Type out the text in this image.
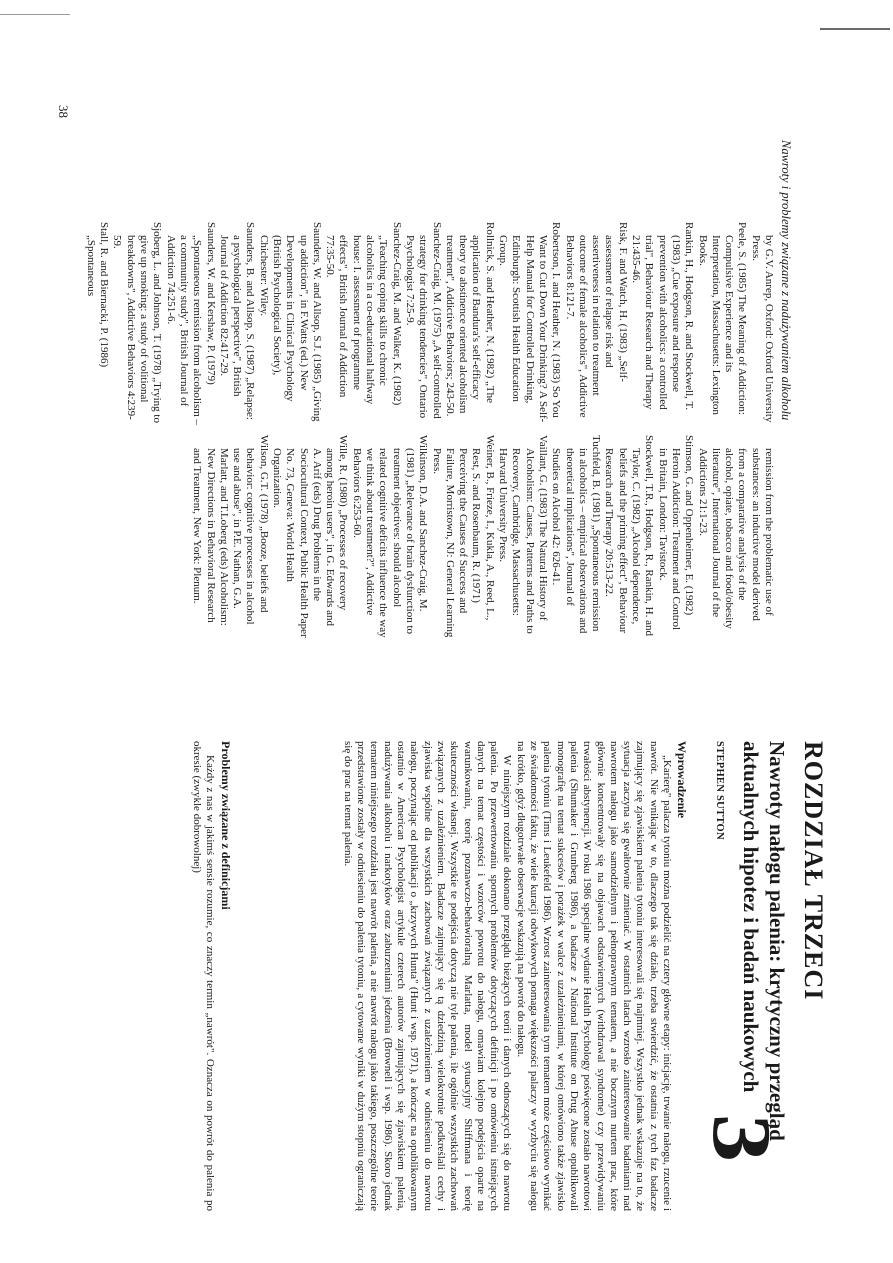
Nawroty i problemy związane z nadużywaniem alkoholu

by G.V. Anrep, Oxford: Oxford University Press.

Peele, S. (1985) The Meaning of Addiction: Compulsive Experience and its Interpretation, Massachusetts: Lexington Books.

Rankin, H., Hodgson, R. and Stockwell, T. (1983) „Cue exposure and response prevention with alcoholics: a controlled trial", Behaviour Research and Therapy 21:435-46.

Risk, F. and Watch, H. (1983) „Self-assessment of relapse risk and assertiveness in relation to treatment outcome of female alcoholics", Addictive Behaviors 8:121-7.

Robertson, I. and Heather, N. (1983) So You Want to Cut Down Your Drinking? A Self-Help Manual for Controlled Drinking, Edinburgh: Scottish Health Education Group.

Rollnick, S. and Heather, N. (1982) „The application of Bandura's self-efficacy theory to abstinence oriented alcoholism treatment", Addictive Behaviors; 243-50.

Sanchez-Craig, M. (1975) „A self-controlled strategy for drinking tendencies", Ontario Psychologist 7:25-9.

Sanchez-Craig, M. and Walker, K. (1982) „Teaching coping skills to chronic alcoholics in a co-educational halfway house: I. assessment of programme effects", British Journal of Addiction 77:35-50.

Saunders, W. and Allsop, S.J. (1985) „Giving up addiction", in F.Watts (ed.) New Developments in Clinical Psychology (British Psychological Society), Chichester: Wiley.

Saunders, B. and Allsop, S. (1987) „Relapse: a psychological perspective", British Journal of Addiction 82:417-29.

Saunders, W. and Kershaw, P. (1979) „Spontaneous remission from alcoholism – a community study", British Journal of Addiction 74:251-6.

Sjoberg, L. and Johnson, T. (1978) „Trying to give up smoking: a study of volitional breakdowns", Addictive Behaviors 4:239-59.

Stall, R. and Biernacki, P. (1986) „Spontaneous

remission from the problematic use of substances: an inductive model derived from a comparative analysis of the alcohol, opiate, tobacco and food/obesity literature", International Journal of the Addictions 21:1-23.

Stimson, G. and Oppenheimer, E. (1982) Heroin Addiction: Treatment and Control in Britain, London: Tavistock.

Stockwell, T.R., Hodgson, R., Rankin, H. and Taylor, C. (1982) „Alcohol dependence, beliefs and the priming effect", Behaviour Research and Therapy 20:513-22.

Tuchfeld, B. (1981) „Spontaneous remission in alcoholics – empirical observations and theoretical implications", Journal of Studies on Alcohol 42: 626-41.

Vaillant, G. (1983) The Natural History of Alcoholism: Causes, Patterns and Paths to Recovery, Cambridge, Massachusetts: Harvard University Press.

Weiner, B., Frieze, I., Kukla, A., Reed, L., Rest, S. and Rosenbaum, R. (1971) Perceiving the Causes of Success and Failure, Morristown, NJ: General Learning Press.

Wilkinson, D.A. and Sanchez-Craig, M. (1981) „Relevance of brain dysfunction to treatment objectives: should alcohol related cognitive deficits influence the way we think about treatment?", Addictive Behaviors 6:253-60.

Wille, R. (1980) „Processes of recovery among heroin users", in G. Edwards and A. Arif (eds) Drug Problems in the Sociocultural Context, Public Health Paper No. 73, Geneva: World Health Organization.

Wilson, G.T. (1978) „Booze, beliefs and behavior: cognitive processes in alcohol use and abuse", in P.E. Nathan, G.A. Marlatt, and T.Loberg (eds) Alcoholism: New Directions in Behavioral Research and Treatment, New York: Plenum.

38
ROZDZIAŁ TRZECI
Nawroty nałogu palenia: krytyczny przegląd aktualnych hipotez i badań naukowych
3
STEPHEN SUTTON
Wprowadzenie

„Karierę" palacza tytoniu można podzielić na cztery główne etapy: inicjację, trwanie nałogu, rzucenie i nawrót. Nie wnikając w to, dlaczego tak się działo, trzeba stwierdzić, że ostatnia z tych faz badacze zajmujący się zjawiskiem palenia tytoniu interesowali się najmniej. Wszystko jednak wskazuje na to, że sytuacja zaczyna się gwałtownie zmieniać. W ostatnich latach wzrosło zainteresowanie badaniami nad nawrotem nałogu jako samodzielnym i pełnoprawnym tematem, a nie bocznym nurtem prac, które głównie koncentrowały się na objawach odstawiennych (withdrawal syndrome) czy przewidywaniu trwałości abstynencji. W roku 1986 specjalne wydanie Health Psychology poświęcone zostało nawrotowi palenia (Shumaker i Grunberg 1986), a badacze z National Institute on Drug Abuse opublikowali monografię na temat sukcesów i porażek w walce z uzależnieniami, w której omówiono także zjawisko palenia tytoniu (Tims i Leukefeld 1986). Wzrost zainteresowania tym tematem może częściowo wynikać ze świadomości faktu, że wiele kuracji odwykowych pomaga większości palaczy w wyzbyciu się nałogu na krótko, gdyż długotrwałe obserwacje wskazują na powrót do nałogu.

W niniejszym rozdziale dokonano przeglądu bieżących teorii i danych odnoszących się do nawrotu palenia. Po przewertowaniu spornych problemów dotyczących definicji i po omówieniu istniejących danych na temat częstości i wzorców powrotu do nałogu, omawiam kolejno podejścia oparte na warunkowaniu, teorię poznawczo-behawioralną Marlatta, model sytuacyjny Shiffmana i teorię skuteczności własnej. Wszystkie te podejścia dotyczą nie tyle palenia, ile ogólnie wszystkich zachowań związanych z uzależnieniem. Badacze zajmujący się tą dziedziną wielokrotnie podkreślali cechy i zjawiska wspólne dla wszystkich zachowań związanych z uzależnieniem w odniesieniu do nawrotu nałogu, poczynając od publikacji o „krzywych Hunta" (Hunt i wsp. 1971), a kończąc na opublikowanym ostatnio w American Psychologist artykule czterech autorów zajmujących się zjawiskiem palenia, nadużywania alkoholu i narkotyków oraz zaburzeniami jedzenia (Brownell i wsp. 1986). Skoro jednak tematem niniejszego rozdziału jest nawrót palenia, a nie nawrót nałogu jako takiego, poszczególne teorie przedstawione zostały w odniesieniu do palenia tytoniu, a cytowane wyniki w dużym stopniu ograniczają się do prac na temat palenia.

Problemy związane z definicjami

Każdy z nas w jakimś sensie rozumie, co znaczy termin „nawrót". Oznacza on powrót do palenia po okresie (zwykle dobrowolnej)
